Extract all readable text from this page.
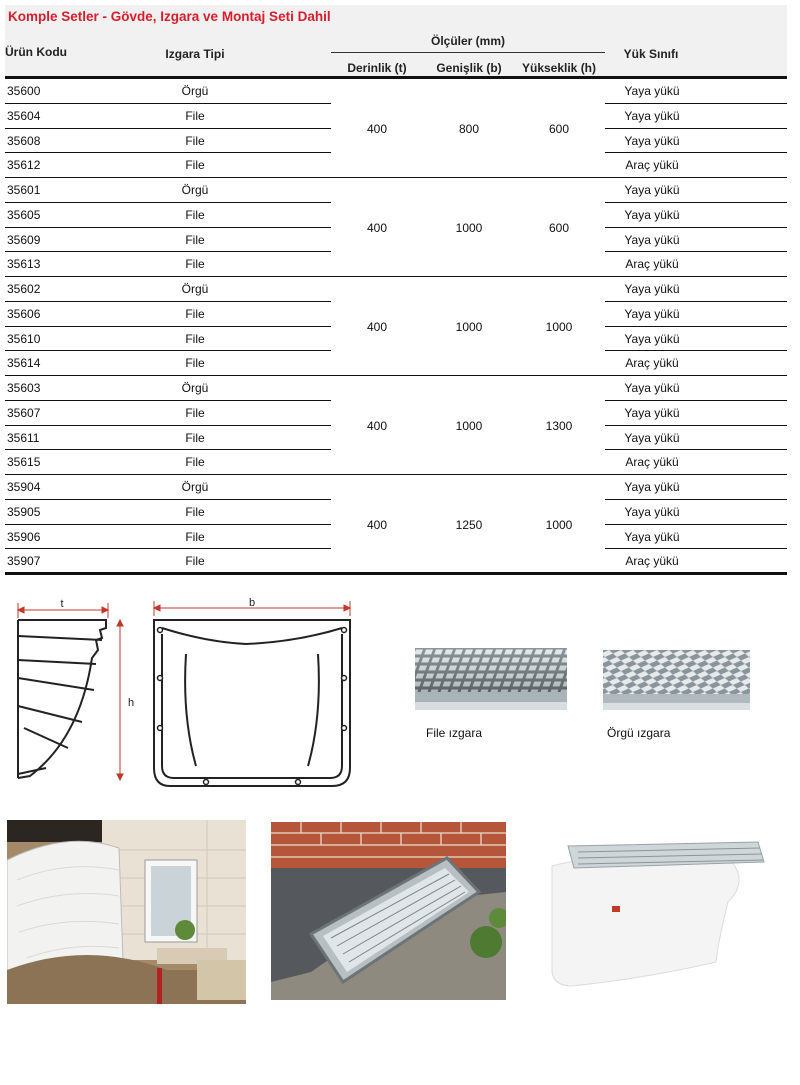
Komple Setler - Gövde, Izgara ve Montaj Seti Dahil
Ürün Kodu	Izgara Tipi
Ölçüler (mm)
Derinlik (t)	Genişlik (b)	Yükseklik (h)
Yük Sınıfı
35600	Örgü	Yaya yükü
35604	File	Yaya yükü
35608	File	Yaya yükü
35612	File	Araç yükü
400	800	600
35601	Örgü	Yaya yükü
35605	File	Yaya yükü
35609	File	Yaya yükü
35613	File	Araç yükü
400	1000	600
35602	Örgü	Yaya yükü
35606	File	Yaya yükü
35610	File	Yaya yükü
35614	File	Araç yükü
400	1000	1000
35603	Örgü	Yaya yükü
35607	File	Yaya yükü
35611	File	Yaya yükü
35615	File	Araç yükü
400	1000	1300
35904	Örgü	Yaya yükü
35905	File	Yaya yükü
35906	File	Yaya yükü
35907	File	Araç yükü
400	1250	1000
t
h
b
File ızgara	Örgü ızgara
